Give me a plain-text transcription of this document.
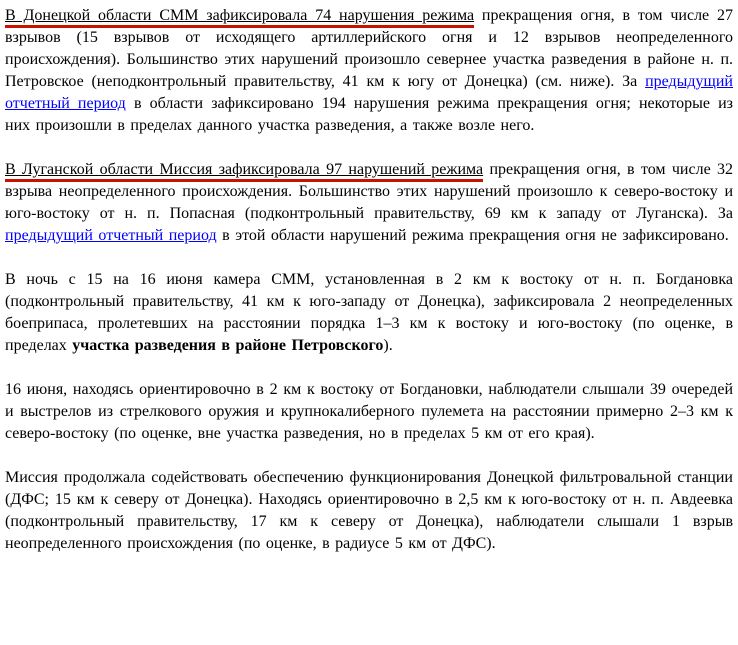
В Донецкой области СММ зафиксировала 74 нарушения режима прекращения огня, в том числе 27 взрывов (15 взрывов от исходящего артиллерийского огня и 12 взрывов неопределенного происхождения). Большинство этих нарушений произошло севернее участка разведения в районе н. п. Петровское (неподконтрольный правительству, 41 км к югу от Донецка) (см. ниже). За предыдущий отчетный период в области зафиксировано 194 нарушения режима прекращения огня; некоторые из них произошли в пределах данного участка разведения, а также возле него.

В Луганской области Миссия зафиксировала 97 нарушений режима прекращения огня, в том числе 32 взрыва неопределенного происхождения. Большинство этих нарушений произошло к северо-востоку и юго-востоку от н. п. Попасная (подконтрольный правительству, 69 км к западу от Луганска). За предыдущий отчетный период в этой области нарушений режима прекращения огня не зафиксировано.

В ночь с 15 на 16 июня камера СММ, установленная в 2 км к востоку от н. п. Богдановка (подконтрольный правительству, 41 км к юго-западу от Донецка), зафиксировала 2 неопределенных боеприпаса, пролетевших на расстоянии порядка 1–3 км к востоку и юго-востоку (по оценке, в пределах участка разведения в районе Петровского).

16 июня, находясь ориентировочно в 2 км к востоку от Богдановки, наблюдатели слышали 39 очередей и выстрелов из стрелкового оружия и крупнокалиберного пулемета на расстоянии примерно 2–3 км к северо-востоку (по оценке, вне участка разведения, но в пределах 5 км от его края).

Миссия продолжала содействовать обеспечению функционирования Донецкой фильтровальной станции (ДФС; 15 км к северу от Донецка). Находясь ориентировочно в 2,5 км к юго-востоку от н. п. Авдеевка (подконтрольный правительству, 17 км к северу от Донецка), наблюдатели слышали 1 взрыв неопределенного происхождения (по оценке, в радиусе 5 км от ДФС).
